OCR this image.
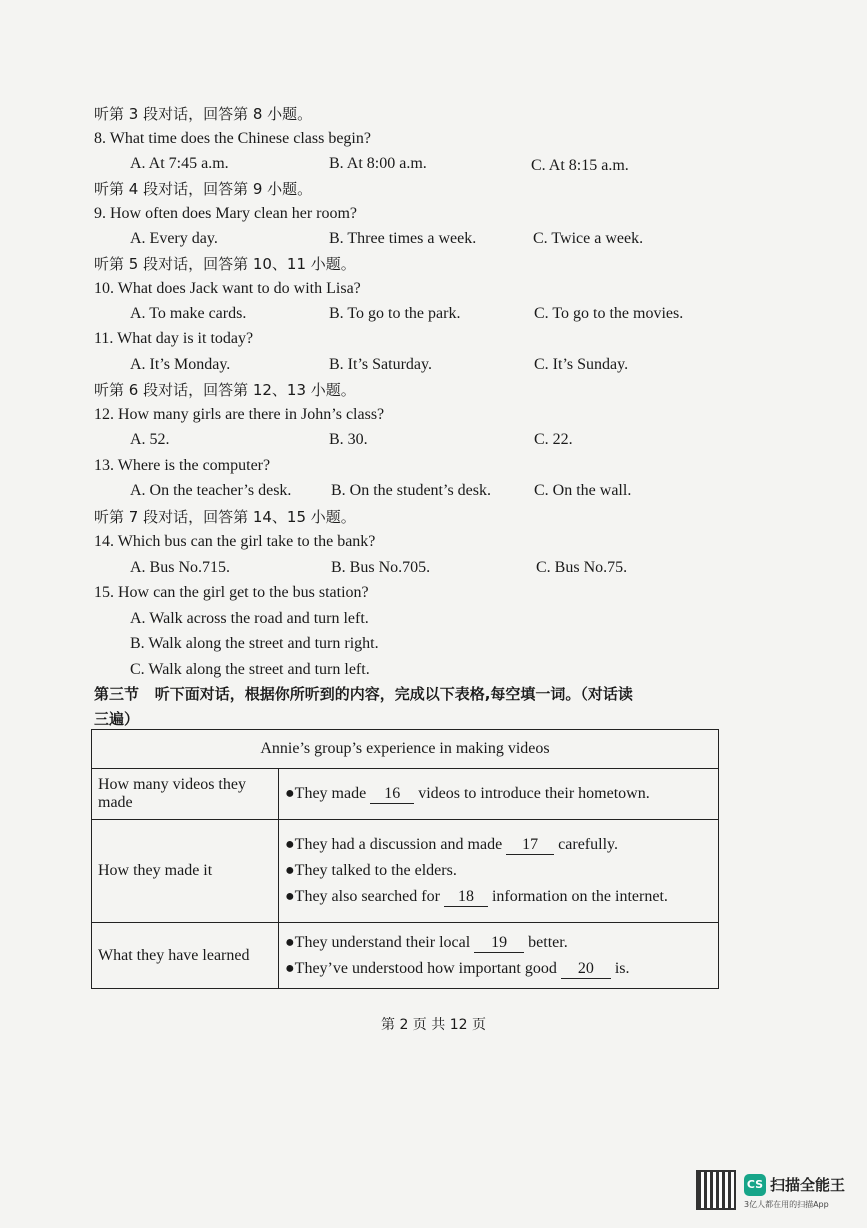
听第 3 段对话，回答第 8 小题。
8. What time does the Chinese class begin?
A. At 7:45 a.m.	B. At 8:00 a.m.	C. At 8:15 a.m.
听第 4 段对话，回答第 9 小题。
9. How often does Mary clean her room?
A. Every day.	B. Three times a week.	C. Twice a week.
听第 5 段对话，回答第 10、11 小题。
10. What does Jack want to do with Lisa?
A. To make cards.	B. To go to the park.	C. To go to the movies.
11. What day is it today?
A. It’s Monday.	B. It’s Saturday.	C. It’s Sunday.
听第 6 段对话，回答第 12、13 小题。
12. How many girls are there in John’s class?
A. 52.	B. 30.	C. 22.
13. Where is the computer?
A. On the teacher’s desk. B. On the student’s desk.	C. On the wall.
听第 7 段对话，回答第 14、15 小题。
14. Which bus can the girl take to the bank?
A. Bus No.715.	B. Bus No.705.	C. Bus No.75.
15. How can the girl get to the bus station?
A. Walk across the road and turn left.
B. Walk along the street and turn right.
C. Walk along the street and turn left.
第三节 听下面对话，根据你所听到的内容，完成以下表格,每空填一词。（对话读
三遍）
Annie’s group’s experience in making videos	
How many videos they made	●They made 16 videos to introduce their hometown.

How they made it	●They had a discussion and made 17 carefully.
●They talked to the elders.
●They also searched for 18 information on the internet.

What they have learned	●They understand their local 19 better.
●They’ve understood how important good 20 is.
第 2 页 共 12 页
CS 扫描全能王
3亿人都在用的扫描App
